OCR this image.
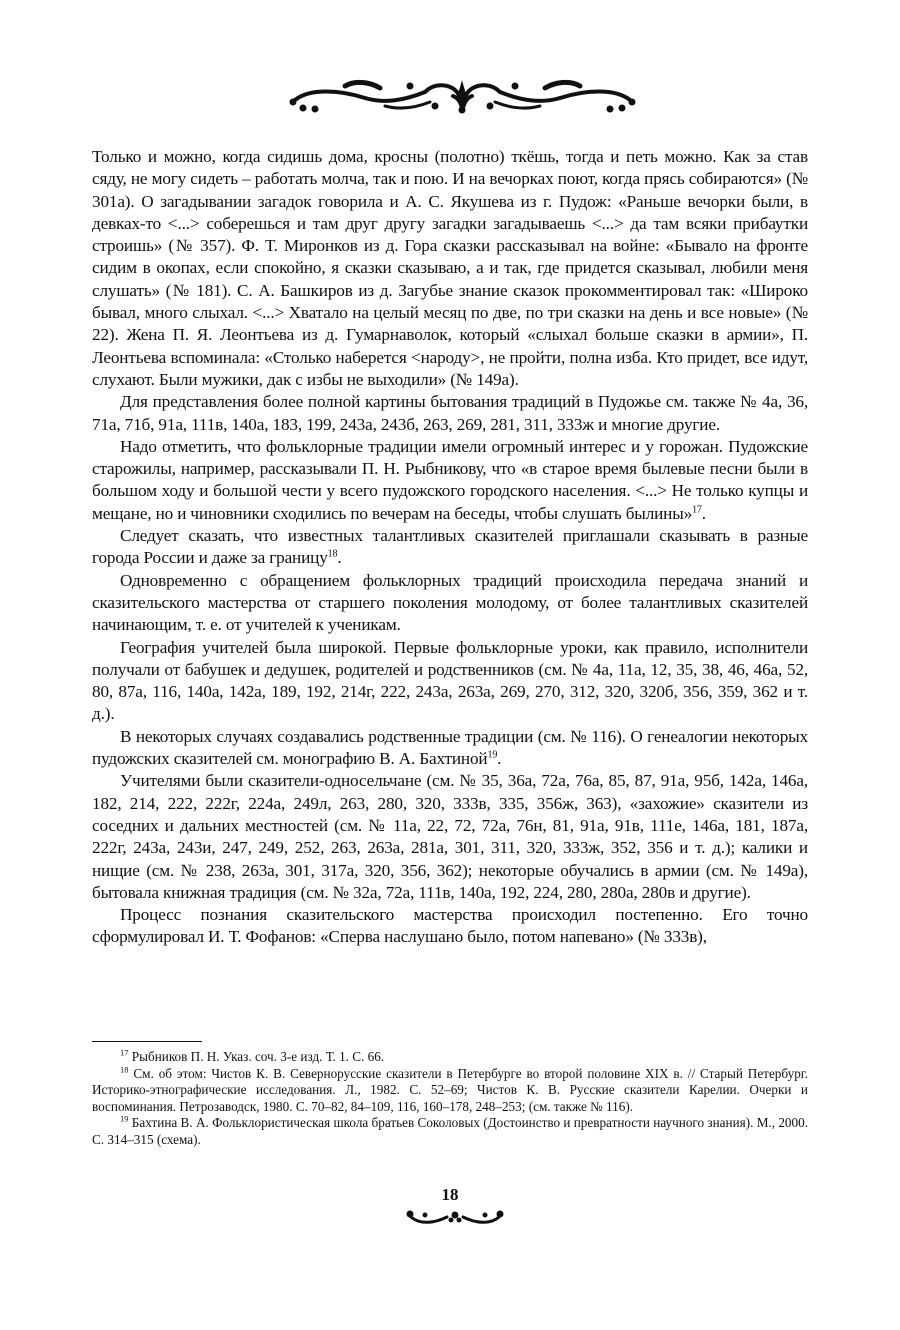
Только и можно, когда сидишь дома, кросны (полотно) ткёшь, тогда и петь можно. Как за став сяду, не могу сидеть – работать молча, так и пою. И на вечорках поют, когда прясь собираются» (№ 301а). О загадывании загадок говорила и А. С. Якушева из г. Пудож: «Раньше вечорки были, в девках-то <...> соберешься и там друг другу загадки загадываешь <...> да там всяки прибаутки строишь» (№ 357). Ф. Т. Миронков из д. Гора сказки рассказывал на войне: «Бывало на фронте сидим в окопах, если спокойно, я сказки сказываю, а и так, где придется сказывал, любили меня слушать» (№ 181). С. А. Башкиров из д. Загубье знание сказок прокомментировал так: «Широко бывал, много слыхал. <...> Хватало на целый месяц по две, по три сказки на день и все новые» (№ 22). Жена П. Я. Леонтьева из д. Гумарнаволок, который «слыхал больше сказки в армии», П. Леонтьева вспоминала: «Столько наберется <народу>, не пройти, полна изба. Кто придет, все идут, слухают. Были мужики, дак с избы не выходили» (№ 149а).

Для представления более полной картины бытования традиций в Пудожье см. также № 4а, 36, 71а, 71б, 91а, 111в, 140а, 183, 199, 243а, 243б, 263, 269, 281, 311, 333ж и многие другие.

Надо отметить, что фольклорные традиции имели огромный интерес и у горожан. Пудожские старожилы, например, рассказывали П. Н. Рыбникову, что «в старое время былевые песни были в большом ходу и большой чести у всего пудожского городского населения. <...> Не только купцы и мещане, но и чиновники сходились по вечерам на беседы, чтобы слушать былины»$^{17}$.

Следует сказать, что известных талантливых сказителей приглашали сказывать в разные города России и даже за границу$^{18}$.

Одновременно с обращением фольклорных традиций происходила передача знаний и сказительского мастерства от старшего поколения молодому, от более талантливых сказителей начинающим, т. е. от учителей к ученикам.

География учителей была широкой. Первые фольклорные уроки, как правило, исполнители получали от бабушек и дедушек, родителей и родственников (см. № 4а, 11а, 12, 35, 38, 46, 46а, 52, 80, 87а, 116, 140а, 142а, 189, 192, 214г, 222, 243а, 263а, 269, 270, 312, 320, 320б, 356, 359, 362 и т. д.).

В некоторых случаях создавались родственные традиции (см. № 116). О генеалогии некоторых пудожских сказителей см. монографию В. А. Бахтиной$^{19}$.

Учителями были сказители-односельчане (см. № 35, 36а, 72а, 76а, 85, 87, 91а, 95б, 142а, 146а, 182, 214, 222, 222г, 224а, 249л, 263, 280, 320, 333в, 335, 356ж, 363), «захожие» сказители из соседних и дальних местностей (см. № 11а, 22, 72, 72а, 76н, 81, 91а, 91в, 111е, 146а, 181, 187а, 222г, 243а, 243и, 247, 249, 252, 263, 263а, 281а, 301, 311, 320, 333ж, 352, 356 и т. д.); калики и нищие (см. № 238, 263а, 301, 317а, 320, 356, 362); некоторые обучались в армии (см. № 149а), бытовала книжная традиция (см. № 32а, 72а, 111в, 140а, 192, 224, 280, 280а, 280в и другие).

Процесс познания сказительского мастерства происходил постепенно. Его точно сформулировал И. Т. Фофанов: «Сперва наслушано было, потом напевано» (№ 333в),

$^{17}$ Рыбников П. Н. Указ. соч. 3-е изд. Т. 1. С. 66.

$^{18}$ См. об этом: Чистов К. В. Севернорусские сказители в Петербурге во второй половине XIX в. // Старый Петербург. Историко-этнографические исследования. Л., 1982. С. 52–69; Чистов К. В. Русские сказители Карелии. Очерки и воспоминания. Петрозаводск, 1980. С. 70–82, 84–109, 116, 160–178, 248–253; (см. также № 116).

$^{19}$ Бахтина В. А. Фольклористическая школа братьев Соколовых (Достоинство и превратности научного знания). М., 2000. С. 314–315 (схема).

18
